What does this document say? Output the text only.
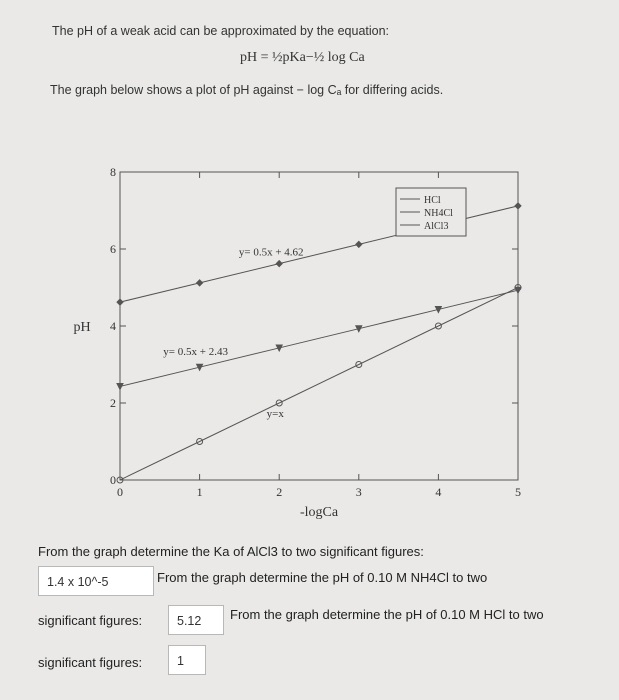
The pH of a weak acid can be approximated by the equation:
pH = ½pKa−½ log Ca
The graph below shows a plot of pH against − log Cₐ for differing acids.
0	1	2	3	4	5
0
2
4
6
8
-logCa
pH
y= 0.5x + 4.62
y= 0.5x + 2.43
y=x
HCl
NH4Cl
AlCl3
From the graph determine the Ka of AlCl3 to two significant figures:
1.4 x 10^-5	From the graph determine the pH of 0.10 M NH4Cl to two
significant figures:	5.12	From the graph determine the pH of 0.10 M HCl to two
significant figures:	1
